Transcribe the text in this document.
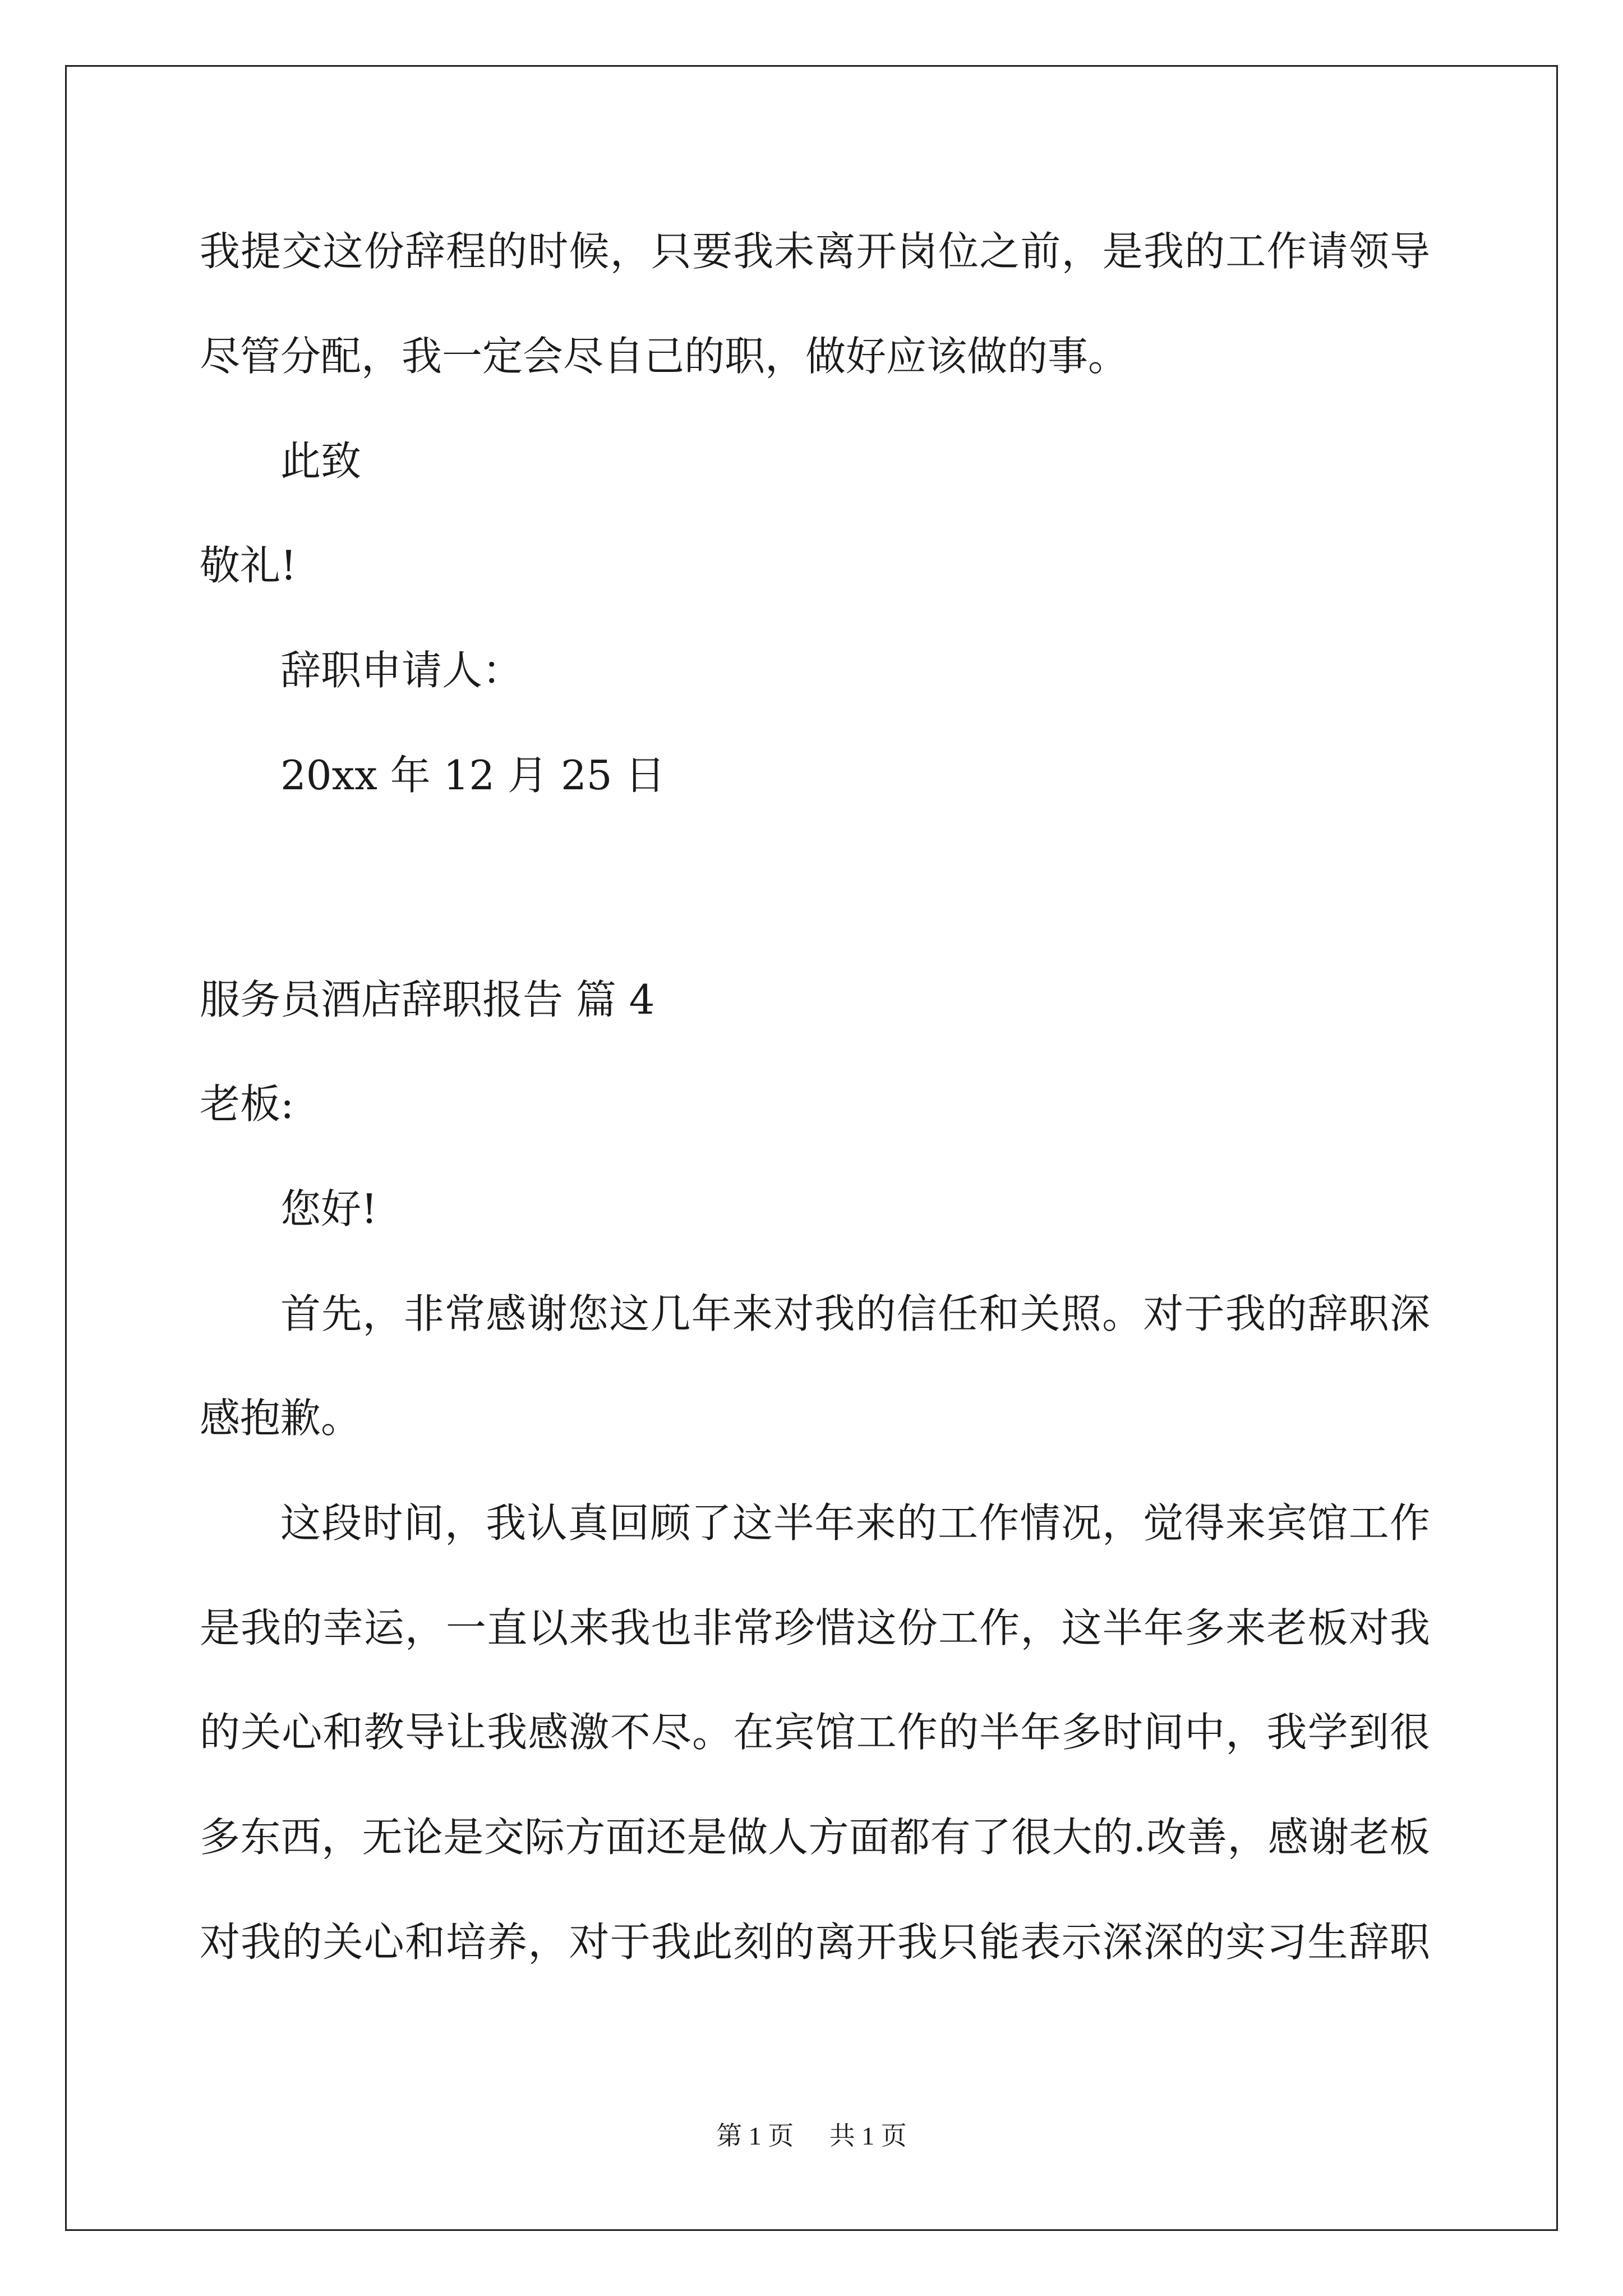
我提交这份辞程的时候，只要我未离开岗位之前，是我的工作请领导

尽管分配，我一定会尽自己的职，做好应该做的事。

此致

敬礼!

辞职申请人：

20xx 年 12 月 25 日

服务员酒店辞职报告 篇 4

老板:

您好!

首先，非常感谢您这几年来对我的信任和关照。对于我的辞职深

感抱歉。

这段时间，我认真回顾了这半年来的工作情况，觉得来宾馆工作

是我的幸运，一直以来我也非常珍惜这份工作，这半年多来老板对我

的关心和教导让我感激不尽。在宾馆工作的半年多时间中，我学到很

多东西，无论是交际方面还是做人方面都有了很大的.改善，感谢老板

对我的关心和培养，对于我此刻的离开我只能表示深深的实习生辞职

第 1 页 共 1 页
